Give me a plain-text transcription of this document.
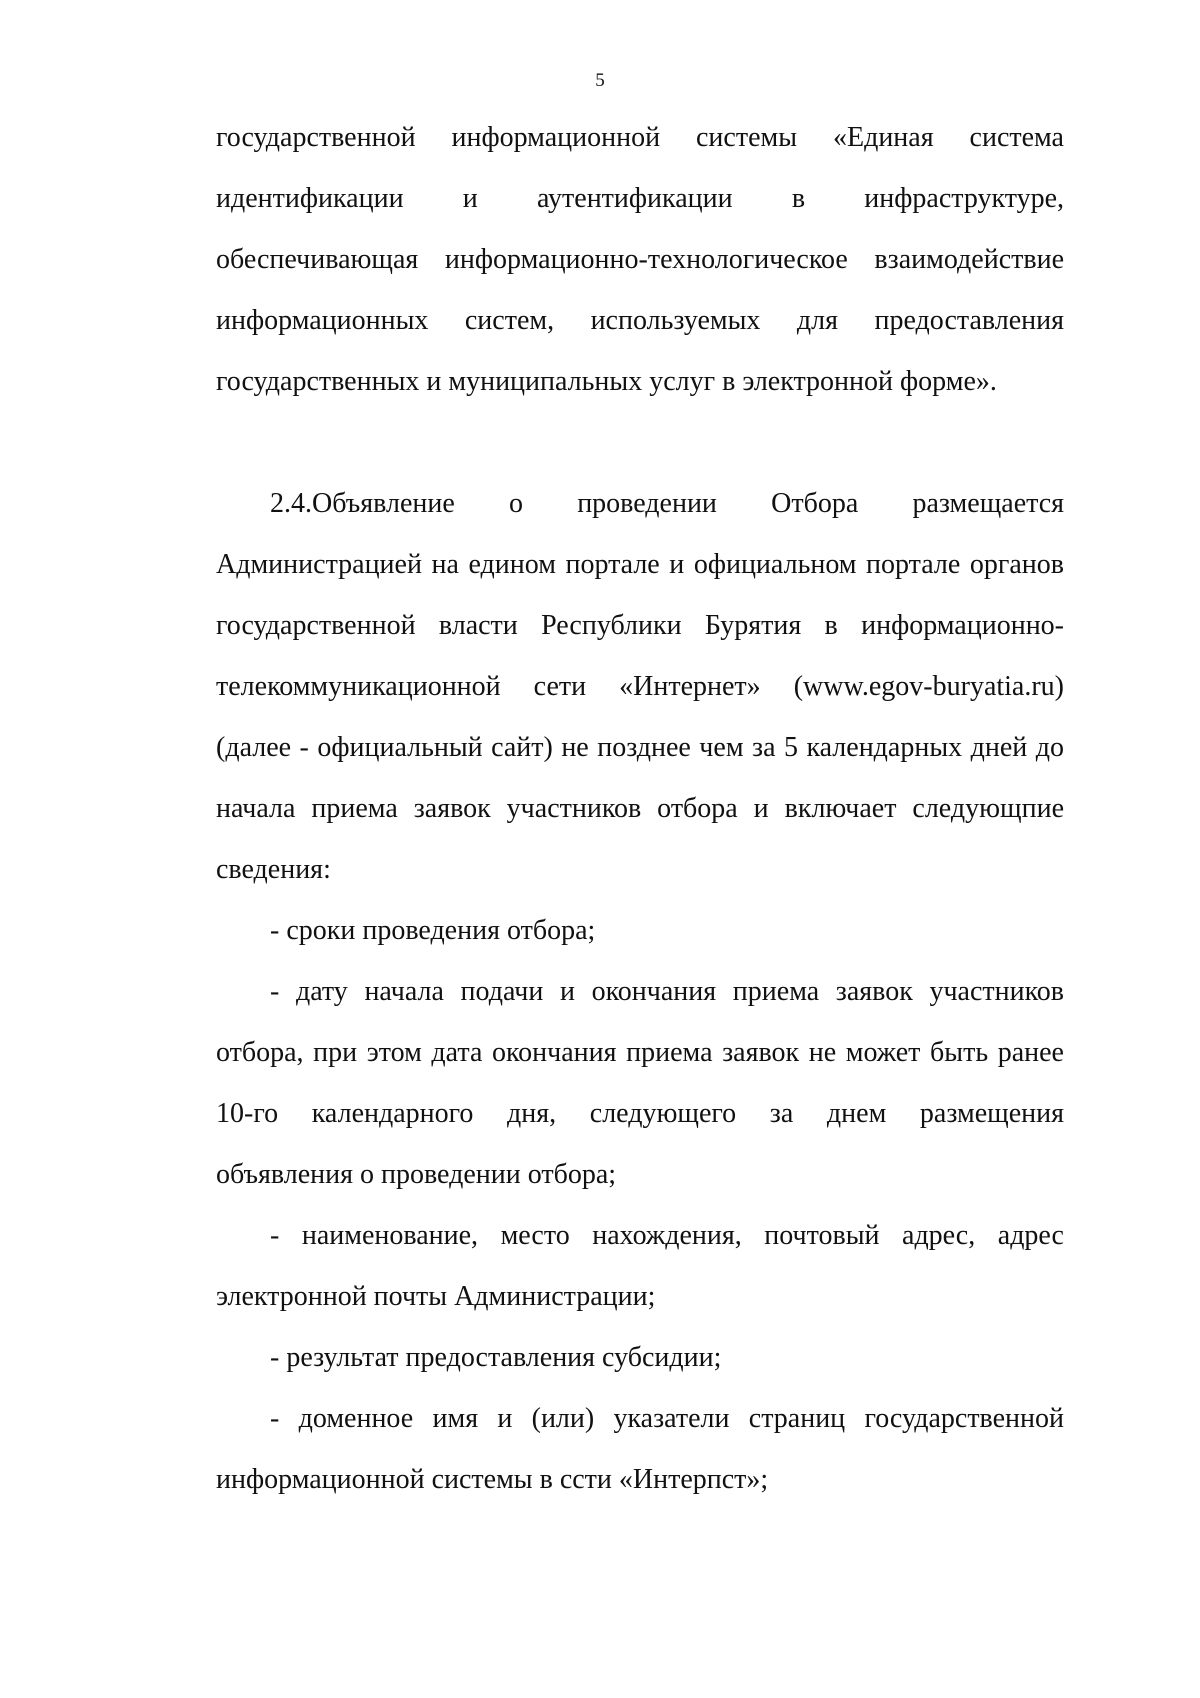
5
государственной информационной системы «Единая система
идентификации и аутентификации в инфраструктуре,
обеспечивающая информационно-технологическое взаимодействие
информационных систем, используемых для предоставления
государственных и муниципальных услуг в электронной форме».
2.4.Объявление о проведении Отбора размещается
Администрацией на едином портале и официальном портале органов
государственной власти Республики Бурятия в информационно-
телекоммуникационной сети «Интернет» (www.egov-buryatia.ru)
(далее - официальный сайт) не позднее чем за 5 календарных дней до
начала приема заявок участников отбора и включает следующпие
сведения:
- сроки проведения отбора;
- дату начала подачи и окончания приема заявок участников
отбора, при этом дата окончания приема заявок не может быть ранее
10-го календарного дня, следующего за днем размещения
объявления о проведении отбора;
- наименование, место нахождения, почтовый адрес, адрес
электронной почты Администрации;
- результат предоставления субсидии;
- доменное имя и (или) указатели страниц государственной
информационной системы в сcти «Интерпст»;
